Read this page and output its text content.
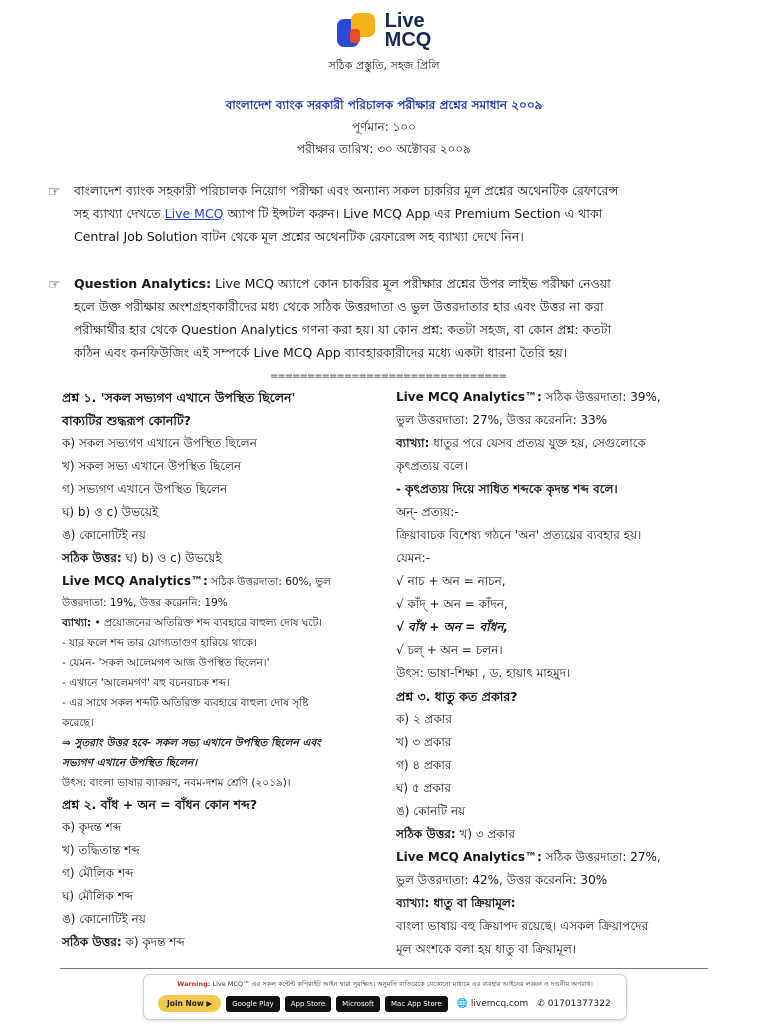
Live
MCQ
সঠিক প্রস্তুতি, সহজ প্রিলি
বাংলাদেশ ব্যাংক সরকারী পরিচালক পরীক্ষার প্রশ্নের সমাধান ২০০৯
পূর্ণমান: ১০০
পরীক্ষার তারিখ: ৩০ অক্টোবর ২০০৯
☞ বাংলাদেশ ব্যাংক সহকারী পরিচালক নিয়োগ পরীক্ষা এবং অন্যান্য সকল চাকরির মূল প্রশ্নের অথেনটিক রেফারেন্স
সহ ব্যাখ্যা দেখতে Live MCQ অ্যাপ টি ইন্সটল করুন। Live MCQ App এর Premium Section এ থাকা
Central Job Solution বাটন থেকে মূল প্রশ্নের অথেনটিক রেফারেন্স সহ ব্যাখ্যা দেখে নিন।
☞ Question Analytics: Live MCQ অ্যাপে কোন চাকরির মূল পরীক্ষার প্রশ্নের উপর লাইভ পরীক্ষা নেওয়া
হলে উক্ত পরীক্ষায় অংশগ্রহণকারীদের মধ্য থেকে সঠিক উত্তরদাতা ও ভুল উত্তরদাতার হার এবং উত্তর না করা
পরীক্ষার্থীর হার থেকে Question Analytics গণনা করা হয়। যা কোন প্রশ্ন: কতটা সহজ, বা কোন প্রশ্ন: কতটা
কঠিন এবং কনফিউজিং এই সম্পর্কে Live MCQ App ব্যাবহারকারীদের মধ্যে একটা ধারনা তৈরি হয়।
================================
প্রশ্ন ১. 'সকল সভ্যগণ এখানে উপস্থিত ছিলেন'
বাক্যটির শুদ্ধরূপ কোনটি?
ক) সকল সভ্যগণ এখানে উপস্থিত ছিলেন
খ) সকল সভ্য এখানে উপস্থিত ছিলেন
গ) সভ্যগণ এখানে উপস্থিত ছিলেন
ঘ) b) ও c) উভয়েই
ঙ) কোনোটিই নয়
সঠিক উত্তর: ঘ) b) ও c) উভয়েই
Live MCQ Analytics™: সঠিক উত্তরদাতা: 60%, ভুল
উত্তরদাতা: 19%, উত্তর করেননি: 19%
ব্যাখ্যা: • প্রয়োজনের অতিরিক্ত শব্দ ব্যবহারে বাহুল্য দোষ ঘটে।
- যার ফলে শব্দ তার যোগ্যতাগুণ হারিয়ে থাকে।
- যেমন- 'সকল আলেমগণ আজ উপস্থিত ছিলেন।'
- এখানে 'আলেমগণ' বহু বচনবাচক শব্দ।
- এর সাথে সকল শব্দটি অতিরিক্ত ব্যবহারে বাহুল্য দোষ সৃষ্টি
করেছে।
⇒ সুতরাং উত্তর হবে- সকল সভ্য এখানে উপস্থিত ছিলেন এবং
সভ্যগণ এখানে উপস্থিত ছিলেন।
উৎস: বাংলা ভাষার ব্যাকরণ, নবম-দশম শ্রেণি (২০১৯)।
প্রশ্ন ২. বাঁধ + অন = বাঁধন কোন শব্দ?
ক) কৃদন্ত শব্দ
খ) তদ্ধিতান্ত শব্দ
গ) মৌলিক শব্দ
ঘ) মৌলিক শব্দ
ঙ) কোনোটিই নয়
সঠিক উত্তর: ক) কৃদন্ত শব্দ
Live MCQ Analytics™: সঠিক উত্তরদাতা: 39%,
ভুল উত্তরদাতা: 27%, উত্তর করেননি: 33%
ব্যাখ্যা: ধাতুর পরে যেসব প্রত্যয় যুক্ত হয়, সেগুলোকে
কৃৎপ্রত্যয় বলে।
- কৃৎপ্রত্যয় দিয়ে সাধিত শব্দকে কৃদন্ত শব্দ বলে।
অন্- প্রত্যয়:-
ক্রিয়াবাচক বিশেষ্য গঠনে 'অন' প্রত্যয়ের ব্যবহার হয়।
যেমন:-
√ নাচ + অন = নাচন,
√ কাঁদ্ + অন = কাঁদন,
√ বাঁধ + অন = বাঁধন,
√ চল্ + অন = চলন।
উৎস: ভাষা-শিক্ষা , ড. হায়াৎ মাহমুদ।
প্রশ্ন ৩. ধাতু কত প্রকার?
ক) ২ প্রকার
খ) ৩ প্রকার
গ) ৪ প্রকার
ঘ) ৫ প্রকার
ঙ) কোনটি নয়
সঠিক উত্তর: খ) ৩ প্রকার
Live MCQ Analytics™: সঠিক উত্তরদাতা: 27%,
ভুল উত্তরদাতা: 42%, উত্তর করেননি: 30%
ব্যাখ্যা: ধাতু বা ক্রিয়ামূল:
বাংলা ভাষায় বহু ক্রিয়াপদ রয়েছে। এসকল ক্রিয়াপদের
মূল অংশকে বলা হয় ধাতু বা ক্রিয়ামূল।
Warning: Live MCQ™ এর সকল কন্টেন্ট কপিরাইট আইন দ্বারা সুরক্ষিত। অনুমতি ব্যতিরেকে যেকোনো মাধ্যমে এর ব্যবহার আইনের লঙ্ঘন ও দণ্ডনীয় অপরাধ।
Join Now ▶	Google Play	App Store	Microsoft	Mac App Store	🌐 livemcq.com ✆ 01701377322
